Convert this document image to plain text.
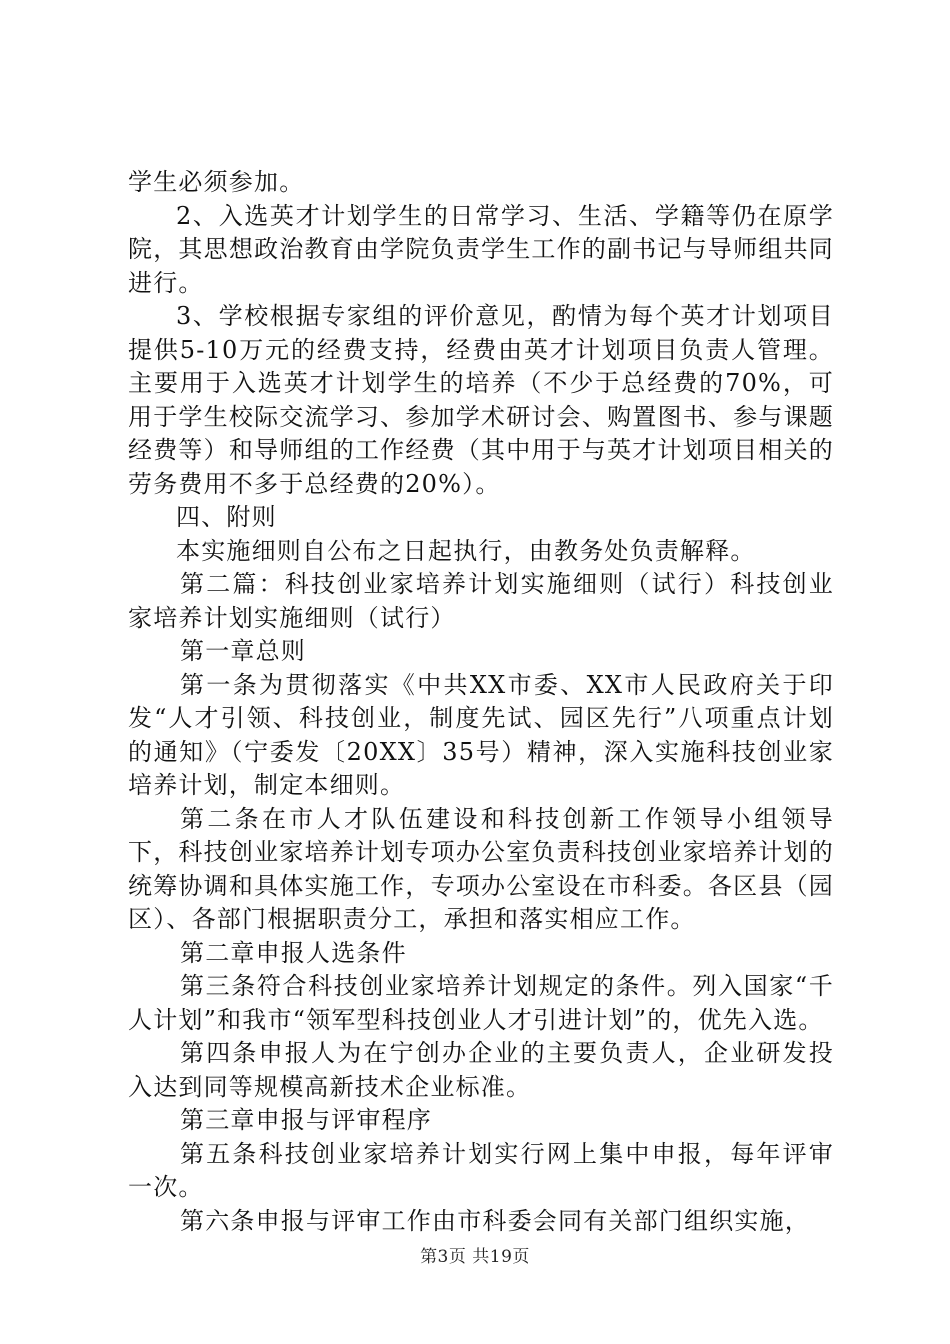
学生必须参加。

2、入选英才计划学生的日常学习、生活、学籍等仍在原学院，其思想政治教育由学院负责学生工作的副书记与导师组共同进行。

3、学校根据专家组的评价意见，酌情为每个英才计划项目提供5-10万元的经费支持，经费由英才计划项目负责人管理。主要用于入选英才计划学生的培养（不少于总经费的70%，可用于学生校际交流学习、参加学术研讨会、购置图书、参与课题经费等）和导师组的工作经费（其中用于与英才计划项目相关的劳务费用不多于总经费的20%）。

四、附则

本实施细则自公布之日起执行，由教务处负责解释。

第二篇：科技创业家培养计划实施细则（试行）科技创业家培养计划实施细则（试行）

第一章总则

第一条为贯彻落实《中共XX市委、XX市人民政府关于印发“人才引领、科技创业，制度先试、园区先行”八项重点计划的通知》（宁委发〔20XX〕35号）精神，深入实施科技创业家培养计划，制定本细则。

第二条在市人才队伍建设和科技创新工作领导小组领导下，科技创业家培养计划专项办公室负责科技创业家培养计划的统筹协调和具体实施工作，专项办公室设在市科委。各区县（园区）、各部门根据职责分工，承担和落实相应工作。

第二章申报人选条件

第三条符合科技创业家培养计划规定的条件。列入国家“千人计划”和我市“领军型科技创业人才引进计划”的，优先入选。

第四条申报人为在宁创办企业的主要负责人，企业研发投入达到同等规模高新技术企业标准。

第三章申报与评审程序

第五条科技创业家培养计划实行网上集中申报，每年评审一次。

第六条申报与评审工作由市科委会同有关部门组织实施，

第3页 共19页
